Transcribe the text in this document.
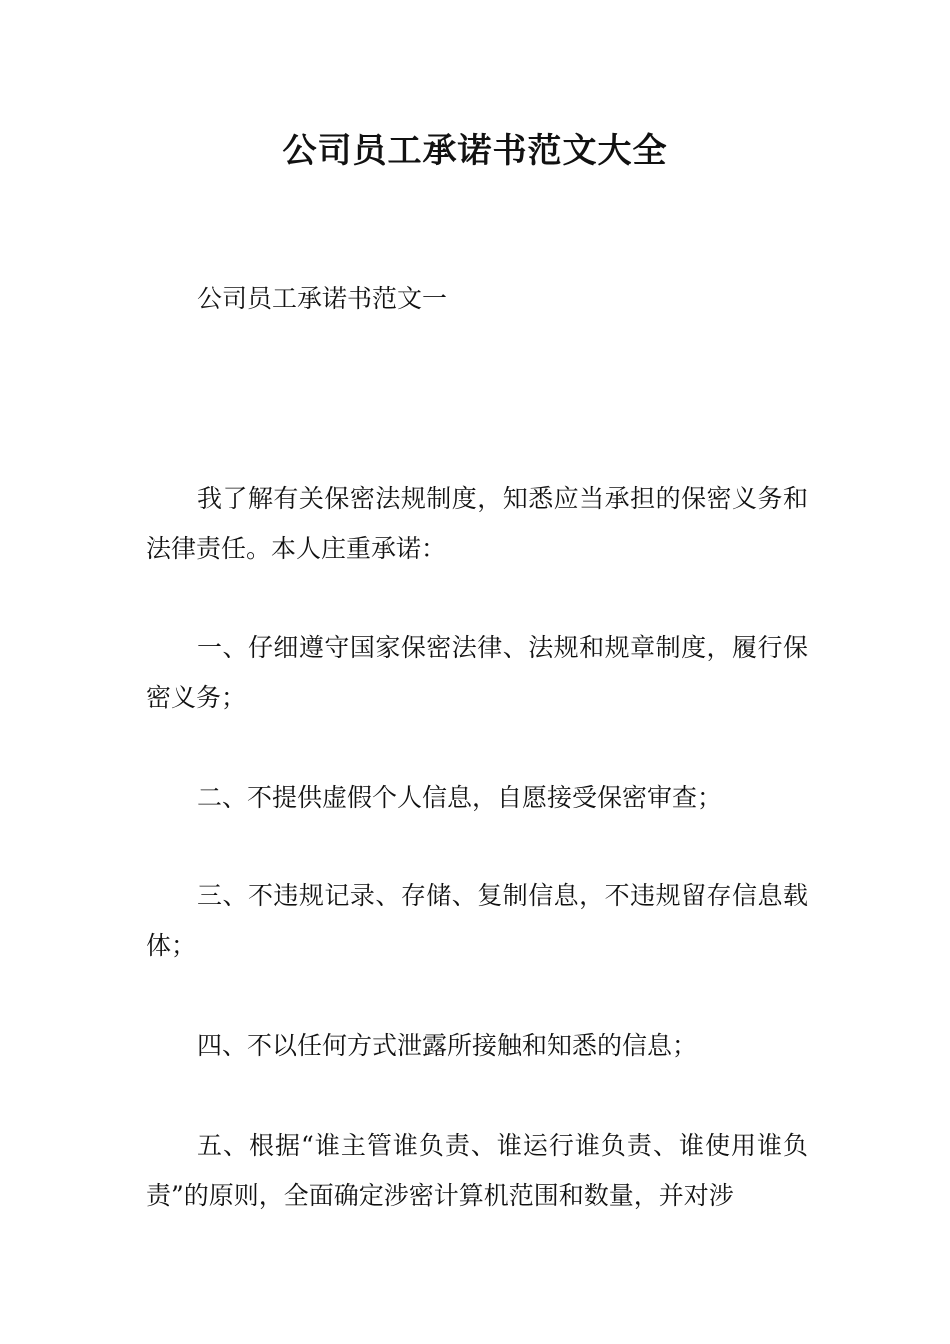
公司员工承诺书范文大全
公司员工承诺书范文一

我了解有关保密法规制度，知悉应当承担的保密义务和法律责任。本人庄重承诺：

一、仔细遵守国家保密法律、法规和规章制度，履行保密义务；

二、不提供虚假个人信息，自愿接受保密审查；

三、不违规记录、存储、复制信息，不违规留存信息载体；

四、不以任何方式泄露所接触和知悉的信息；

五、根据“谁主管谁负责、谁运行谁负责、谁使用谁负责”的原则，全面确定涉密计算机范围和数量，并对涉
